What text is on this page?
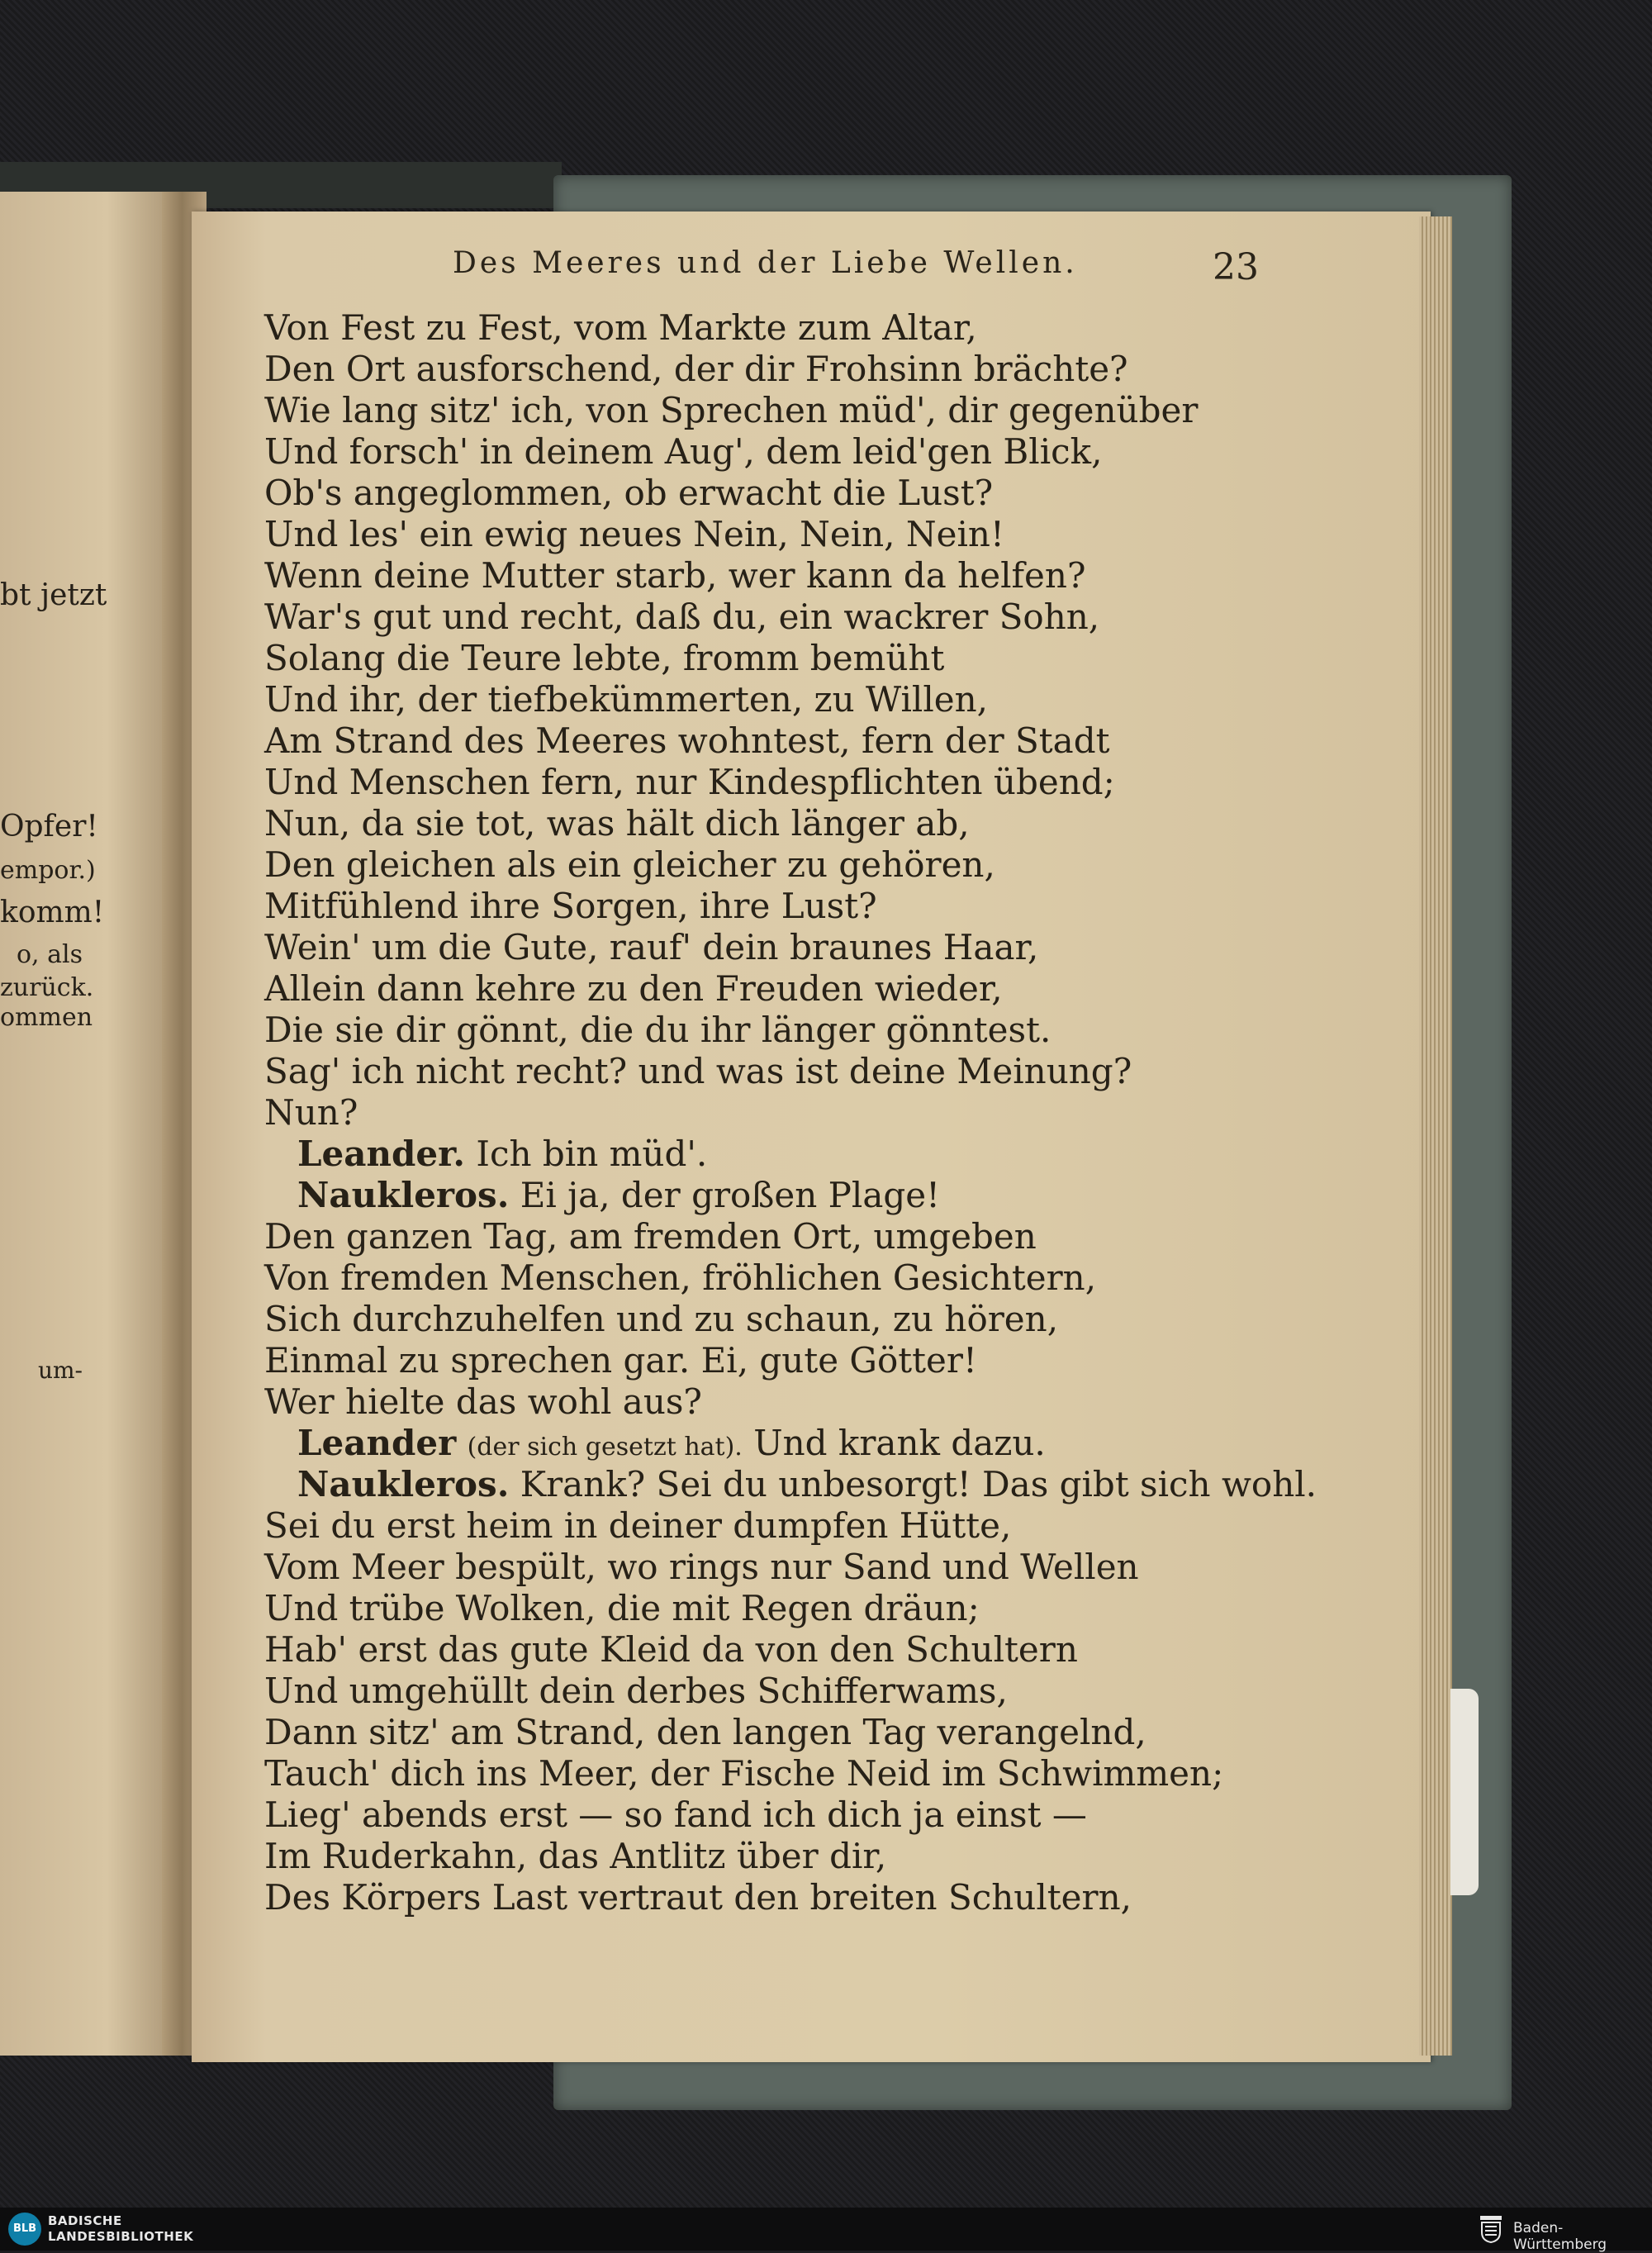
bt jetzt
Opfer!
empor.)
komm!
o, als
zurück.
ommen
um-
Des Meeres und der Liebe Wellen.	23
Von Fest zu Fest, vom Markte zum Altar,
Den Ort ausforschend, der dir Frohsinn brächte?
Wie lang sitz' ich, von Sprechen müd', dir gegenüber
Und forsch' in deinem Aug', dem leid'gen Blick,
Ob's angeglommen, ob erwacht die Lust?
Und les' ein ewig neues Nein, Nein, Nein!
Wenn deine Mutter starb, wer kann da helfen?
War's gut und recht, daß du, ein wackrer Sohn,
Solang die Teure lebte, fromm bemüht
Und ihr, der tiefbekümmerten, zu Willen,
Am Strand des Meeres wohntest, fern der Stadt
Und Menschen fern, nur Kindespflichten übend;
Nun, da sie tot, was hält dich länger ab,
Den gleichen als ein gleicher zu gehören,
Mitfühlend ihre Sorgen, ihre Lust?
Wein' um die Gute, rauf' dein braunes Haar,
Allein dann kehre zu den Freuden wieder,
Die sie dir gönnt, die du ihr länger gönntest.
Sag' ich nicht recht? und was ist deine Meinung?
Nun?
Leander. Ich bin müd'.
Naukleros. Ei ja, der großen Plage!
Den ganzen Tag, am fremden Ort, umgeben
Von fremden Menschen, fröhlichen Gesichtern,
Sich durchzuhelfen und zu schaun, zu hören,
Einmal zu sprechen gar. Ei, gute Götter!
Wer hielte das wohl aus?
Leander (der sich gesetzt hat). Und krank dazu.
Naukleros. Krank? Sei du unbesorgt! Das gibt sich wohl.
Sei du erst heim in deiner dumpfen Hütte,
Vom Meer bespült, wo rings nur Sand und Wellen
Und trübe Wolken, die mit Regen dräun;
Hab' erst das gute Kleid da von den Schultern
Und umgehüllt dein derbes Schifferwams,
Dann sitz' am Strand, den langen Tag verangelnd,
Tauch' dich ins Meer, der Fische Neid im Schwimmen;
Lieg' abends erst — so fand ich dich ja einst —
Im Ruderkahn, das Antlitz über dir,
Des Körpers Last vertraut den breiten Schultern,
BLB
BADISCHE
LANDESBIBLIOTHEK	Baden-Württemberg
